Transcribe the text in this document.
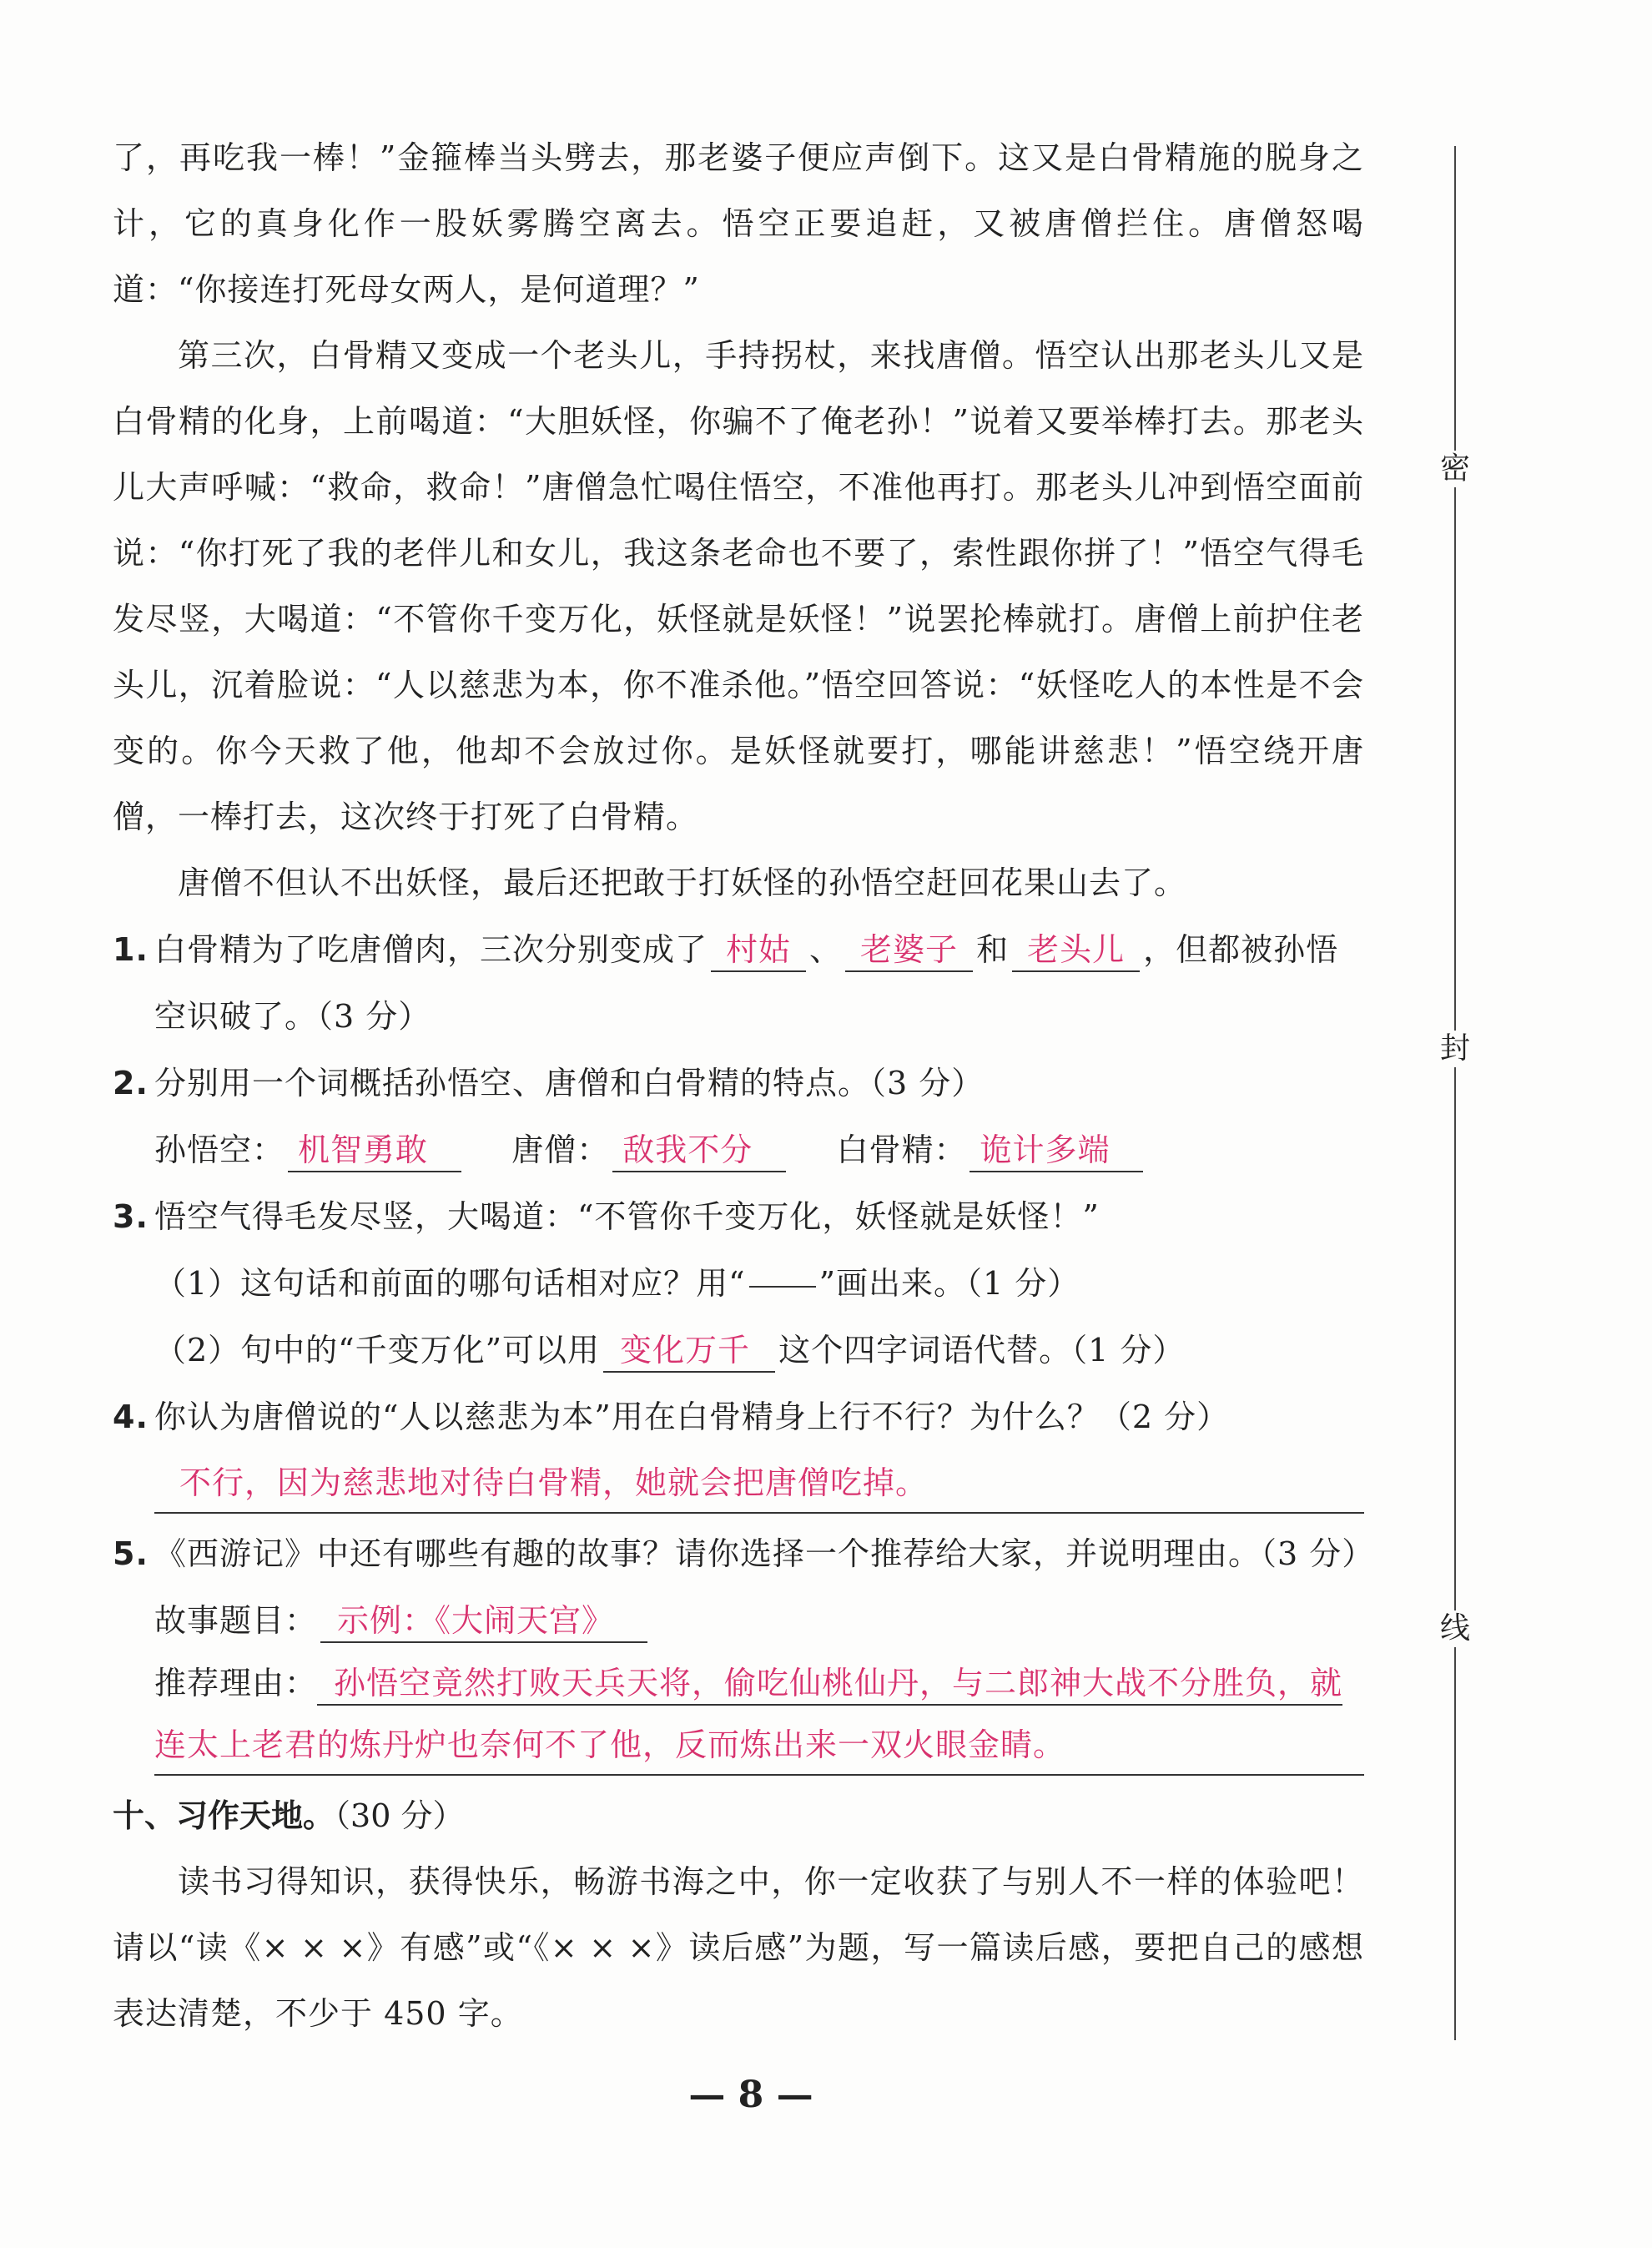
了，再吃我一棒！”金箍棒当头劈去，那老婆子便应声倒下。这又是白骨精施的脱身之计，它的真身化作一股妖雾腾空离去。悟空正要追赶，又被唐僧拦住。唐僧怒喝道：“你接连打死母女两人，是何道理？”

第三次，白骨精又变成一个老头儿，手持拐杖，来找唐僧。悟空认出那老头儿又是白骨精的化身，上前喝道：“大胆妖怪，你骗不了俺老孙！”说着又要举棒打去。那老头儿大声呼喊：“救命，救命！”唐僧急忙喝住悟空，不准他再打。那老头儿冲到悟空面前说：“你打死了我的老伴儿和女儿，我这条老命也不要了，索性跟你拼了！”悟空气得毛发尽竖，大喝道：“不管你千变万化，妖怪就是妖怪！”说罢抡棒就打。唐僧上前护住老头儿，沉着脸说：“人以慈悲为本，你不准杀他。”悟空回答说：“妖怪吃人的本性是不会变的。你今天救了他，他却不会放过你。是妖怪就要打，哪能讲慈悲！”悟空绕开唐僧，一棒打去，这次终于打死了白骨精。

唐僧不但认不出妖怪，最后还把敢于打妖怪的孙悟空赶回花果山去了。

1. 白骨精为了吃唐僧肉，三次分别变成了 村姑 、 老婆子 和 老头儿 ，但都被孙悟空识破了。（3 分）
2. 分别用一个词概括孙悟空、唐僧和白骨精的特点。（3 分）
孙悟空： 机智勇敢	唐僧： 敌我不分	白骨精： 诡计多端
3. 悟空气得毛发尽竖，大喝道：“不管你千变万化，妖怪就是妖怪！”
（1）这句话和前面的哪句话相对应？用“ ”画出来。（1 分）
（2）句中的“千变万化”可以用 变化万千 这个四字词语代替。（1 分）
4. 你认为唐僧说的“人以慈悲为本”用在白骨精身上行不行？为什么？（2 分）
不行，因为慈悲地对待白骨精，她就会把唐僧吃掉。
5. 《西游记》中还有哪些有趣的故事？请你选择一个推荐给大家，并说明理由。（3 分）
故事题目： 示例：《大闹天宫》
推荐理由： 孙悟空竟然打败天兵天将，偷吃仙桃仙丹，与二郎神大战不分胜负，就
连太上老君的炼丹炉也奈何不了他，反而炼出来一双火眼金睛。
十、习作天地。（30 分）

读书习得知识，获得快乐，畅游书海之中，你一定收获了与别人不一样的体验吧！请以“读《× × ×》有感”或“《× × ×》读后感”为题，写一篇读后感，要把自己的感想表达清楚，不少于 450 字。

密
封
线
— 8 —
